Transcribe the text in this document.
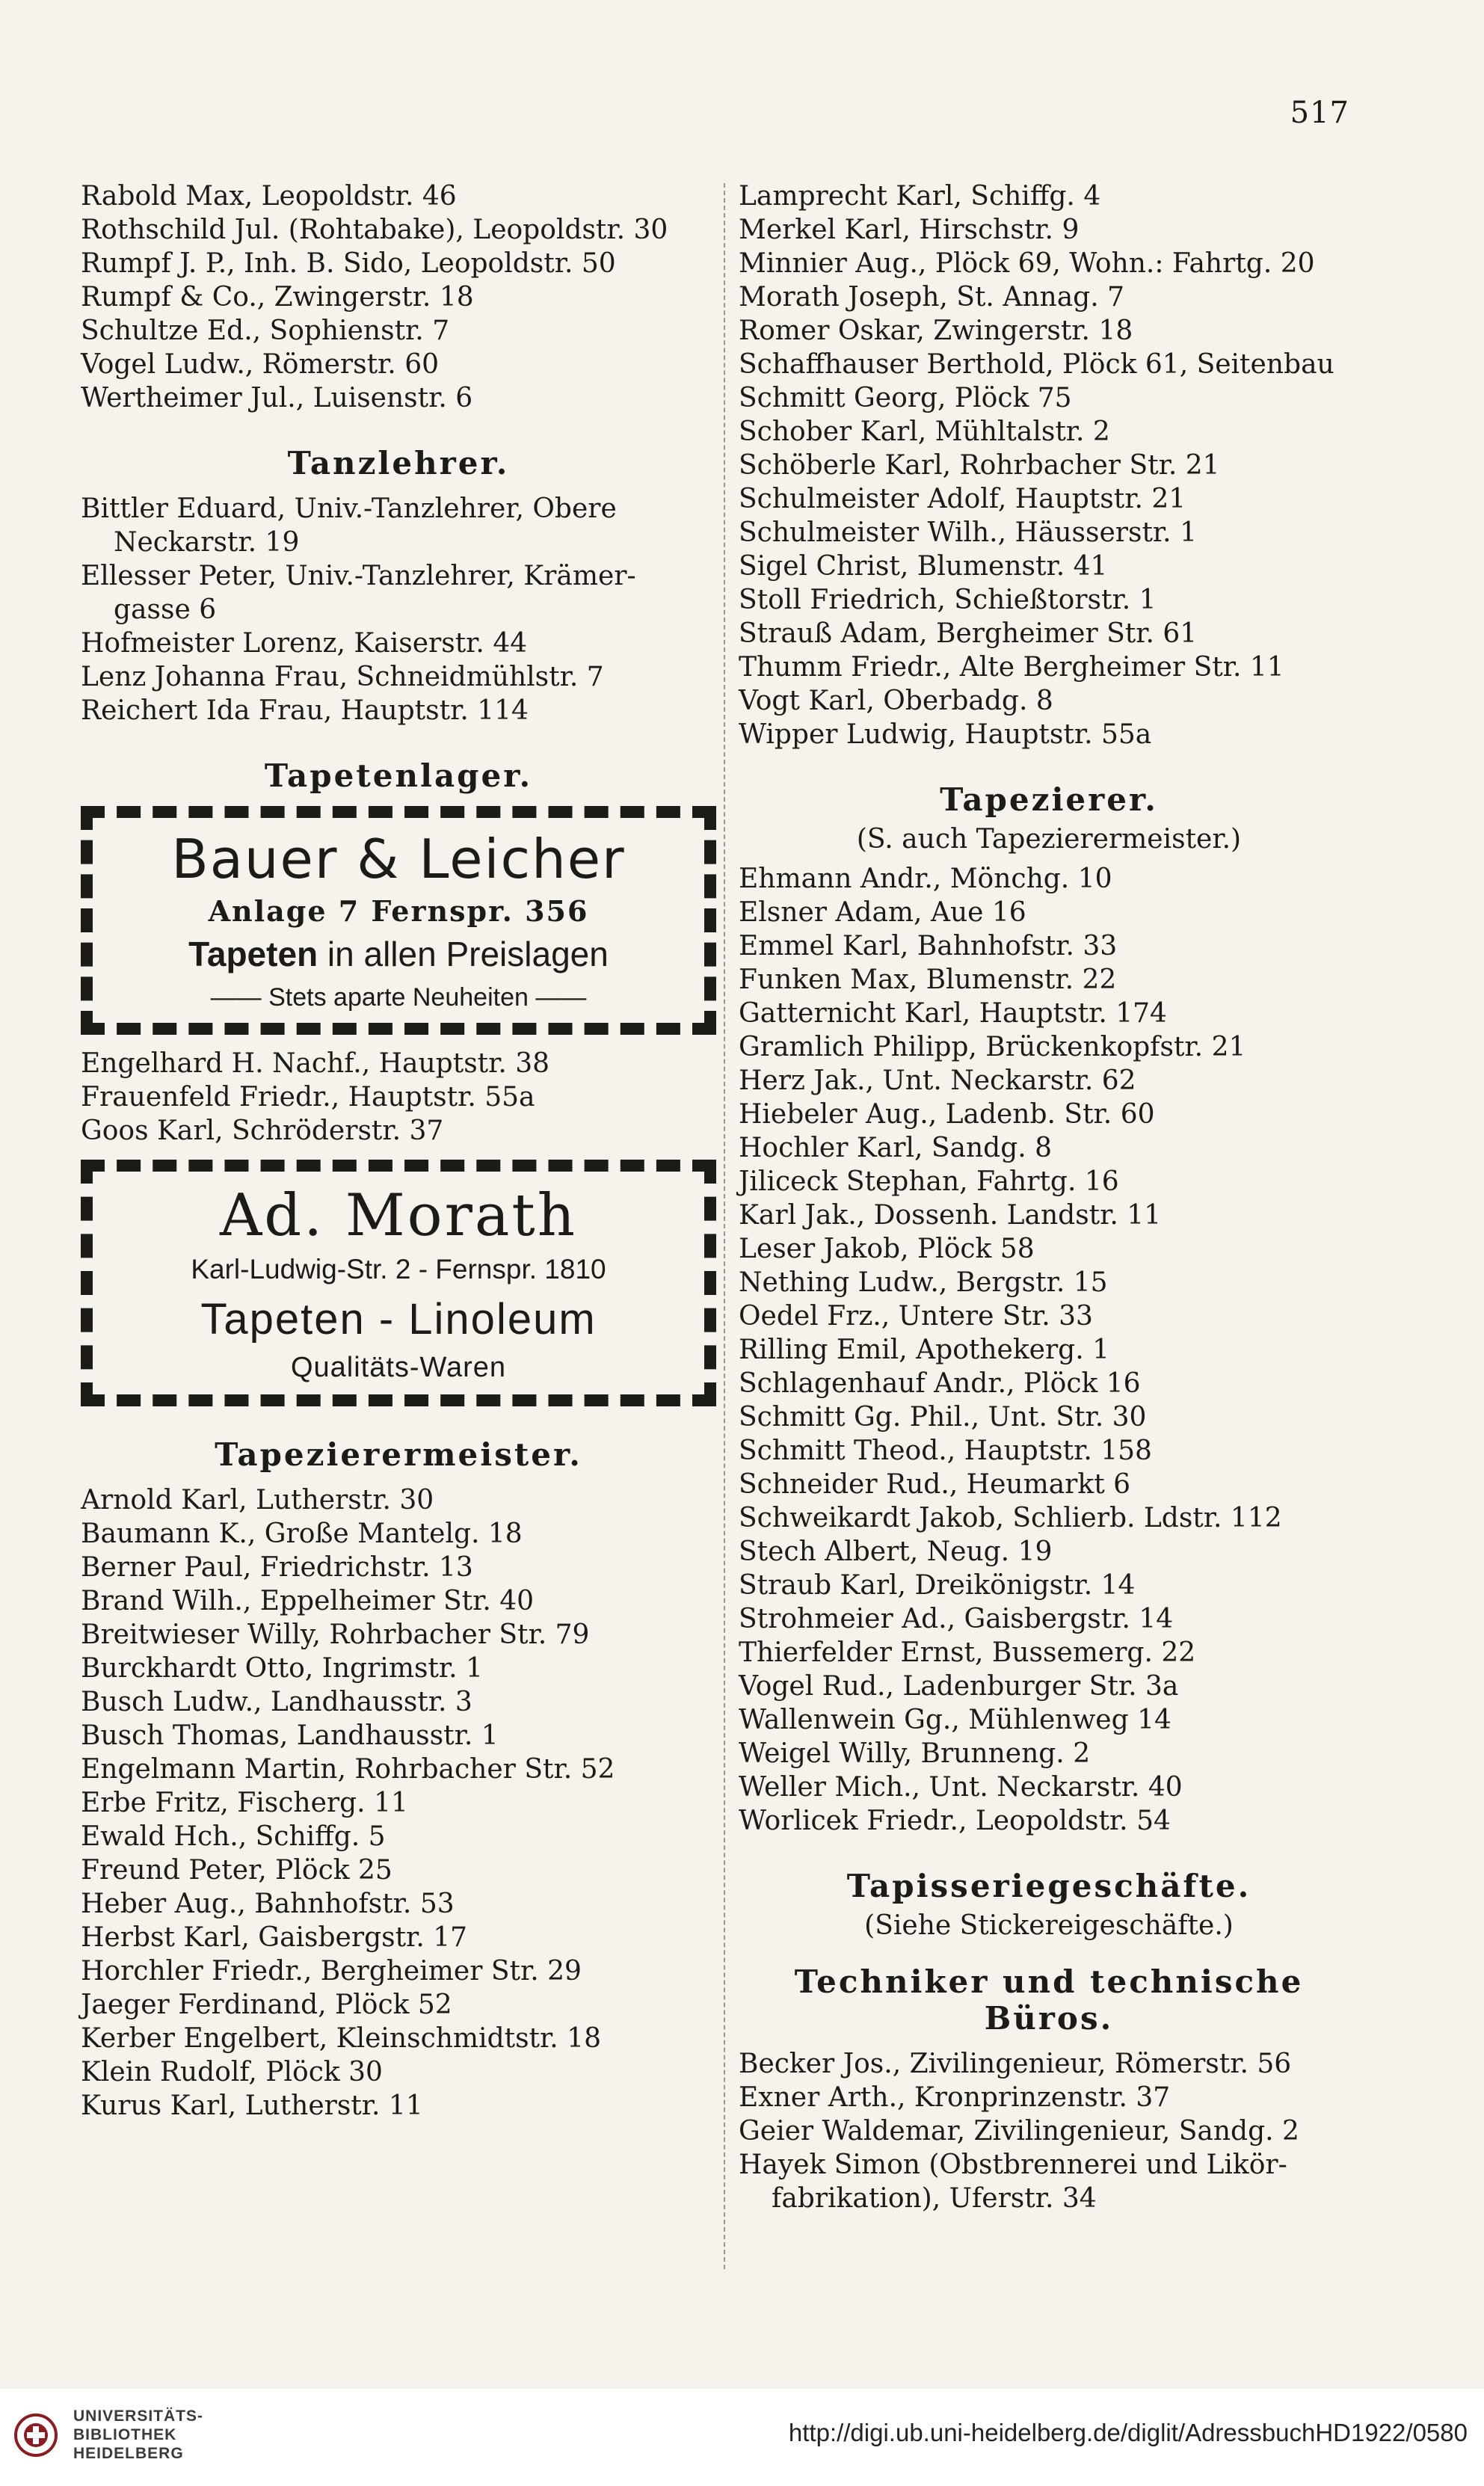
517
Rabold Max, Leopoldstr. 46
Rothschild Jul. (Rohtabake), Leopoldstr. 30
Rumpf J. P., Inh. B. Sido, Leopoldstr. 50
Rumpf & Co., Zwingerstr. 18
Schultze Ed., Sophienstr. 7
Vogel Ludw., Römerstr. 60
Wertheimer Jul., Luisenstr. 6
Tanzlehrer.
Bittler Eduard, Univ.-Tanzlehrer, Obere
Neckarstr. 19
Ellesser Peter, Univ.-Tanzlehrer, Krämer-
gasse 6
Hofmeister Lorenz, Kaiserstr. 44
Lenz Johanna Frau, Schneidmühlstr. 7
Reichert Ida Frau, Hauptstr. 114
Tapetenlager.
Bauer & Leicher
Anlage 7 Fernspr. 356
Tapeten in allen Preislagen
—— Stets aparte Neuheiten ——
Engelhard H. Nachf., Hauptstr. 38
Frauenfeld Friedr., Hauptstr. 55a
Goos Karl, Schröderstr. 37
Ad. Morath
Karl-Ludwig-Str. 2 - Fernspr. 1810
Tapeten - Linoleum
Qualitäts-Waren
Tapezierermeister.
Arnold Karl, Lutherstr. 30
Baumann K., Große Mantelg. 18
Berner Paul, Friedrichstr. 13
Brand Wilh., Eppelheimer Str. 40
Breitwieser Willy, Rohrbacher Str. 79
Burckhardt Otto, Ingrimstr. 1
Busch Ludw., Landhausstr. 3
Busch Thomas, Landhausstr. 1
Engelmann Martin, Rohrbacher Str. 52
Erbe Fritz, Fischerg. 11
Ewald Hch., Schiffg. 5
Freund Peter, Plöck 25
Heber Aug., Bahnhofstr. 53
Herbst Karl, Gaisbergstr. 17
Horchler Friedr., Bergheimer Str. 29
Jaeger Ferdinand, Plöck 52
Kerber Engelbert, Kleinschmidtstr. 18
Klein Rudolf, Plöck 30
Kurus Karl, Lutherstr. 11
Lamprecht Karl, Schiffg. 4
Merkel Karl, Hirschstr. 9
Minnier Aug., Plöck 69, Wohn.: Fahrtg. 20
Morath Joseph, St. Annag. 7
Romer Oskar, Zwingerstr. 18
Schaffhauser Berthold, Plöck 61, Seitenbau
Schmitt Georg, Plöck 75
Schober Karl, Mühltalstr. 2
Schöberle Karl, Rohrbacher Str. 21
Schulmeister Adolf, Hauptstr. 21
Schulmeister Wilh., Häusserstr. 1
Sigel Christ, Blumenstr. 41
Stoll Friedrich, Schießtorstr. 1
Strauß Adam, Bergheimer Str. 61
Thumm Friedr., Alte Bergheimer Str. 11
Vogt Karl, Oberbadg. 8
Wipper Ludwig, Hauptstr. 55a
Tapezierer.
(S. auch Tapezierermeister.)
Ehmann Andr., Mönchg. 10
Elsner Adam, Aue 16
Emmel Karl, Bahnhofstr. 33
Funken Max, Blumenstr. 22
Gatternicht Karl, Hauptstr. 174
Gramlich Philipp, Brückenkopfstr. 21
Herz Jak., Unt. Neckarstr. 62
Hiebeler Aug., Ladenb. Str. 60
Hochler Karl, Sandg. 8
Jiliceck Stephan, Fahrtg. 16
Karl Jak., Dossenh. Landstr. 11
Leser Jakob, Plöck 58
Nething Ludw., Bergstr. 15
Oedel Frz., Untere Str. 33
Rilling Emil, Apothekerg. 1
Schlagenhauf Andr., Plöck 16
Schmitt Gg. Phil., Unt. Str. 30
Schmitt Theod., Hauptstr. 158
Schneider Rud., Heumarkt 6
Schweikardt Jakob, Schlierb. Ldstr. 112
Stech Albert, Neug. 19
Straub Karl, Dreikönigstr. 14
Strohmeier Ad., Gaisbergstr. 14
Thierfelder Ernst, Bussemerg. 22
Vogel Rud., Ladenburger Str. 3a
Wallenwein Gg., Mühlenweg 14
Weigel Willy, Brunneng. 2
Weller Mich., Unt. Neckarstr. 40
Worlicek Friedr., Leopoldstr. 54
Tapisseriegeschäfte.
(Siehe Stickereigeschäfte.)
Techniker und technische Büros.
Becker Jos., Zivilingenieur, Römerstr. 56
Exner Arth., Kronprinzenstr. 37
Geier Waldemar, Zivilingenieur, Sandg. 2
Hayek Simon (Obstbrennerei und Likör-
fabrikation), Uferstr. 34
UNIVERSITÄTS-
BIBLIOTHEK
HEIDELBERG
http://digi.ub.uni-heidelberg.de/diglit/AdressbuchHD1922/0580
